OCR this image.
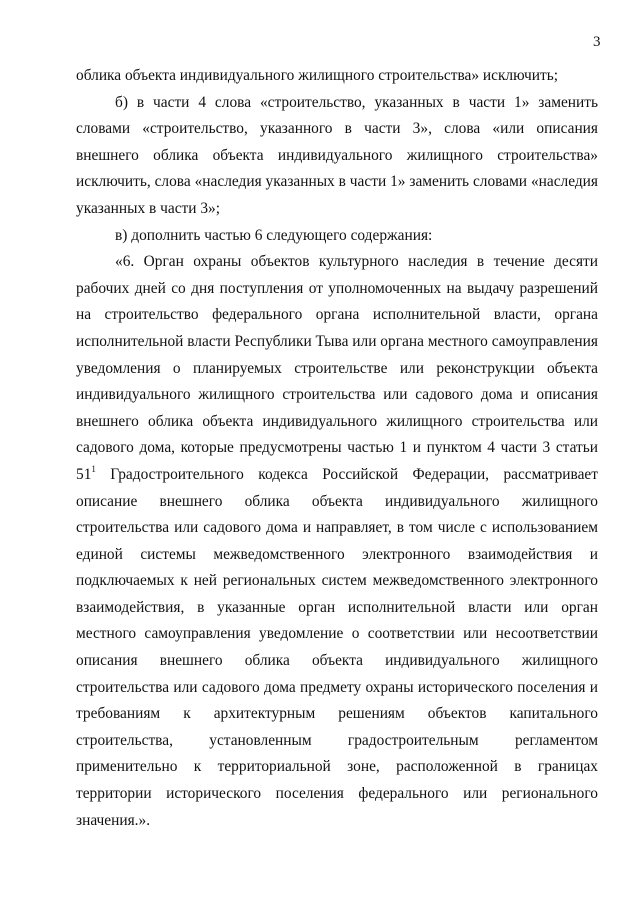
3

облика объекта индивидуального жилищного строительства» исключить;

б) в части 4 слова «строительство, указанных в части 1» заменить словами «строительство, указанного в части 3», слова «или описания внешнего облика объекта индивидуального жилищного строительства» исключить, слова «наследия указанных в части 1» заменить словами «наследия указанных в части 3»;

в) дополнить частью 6 следующего содержания:

«6. Орган охраны объектов культурного наследия в течение десяти рабочих дней со дня поступления от уполномоченных на выдачу разрешений на строительство федерального органа исполнительной власти, органа исполнительной власти Республики Тыва или органа местного самоуправления уведомления о планируемых строительстве или реконструкции объекта индивидуального жилищного строительства или садового дома и описания внешнего облика объекта индивидуального жилищного строительства или садового дома, которые предусмотрены частью 1 и пунктом 4 части 3 статьи $51^1$ Градостроительного кодекса Российской Федерации, рассматривает описание внешнего облика объекта индивидуального жилищного строительства или садового дома и направляет, в том числе с использованием единой системы межведомственного электронного взаимодействия и подключаемых к ней региональных систем межведомственного электронного взаимодействия, в указанные орган исполнительной власти или орган местного самоуправления уведомление о соответствии или несоответствии описания внешнего облика объекта индивидуального жилищного строительства или садового дома предмету охраны исторического поселения и требованиям к архитектурным решениям объектов капитального строительства, установленным градостроительным регламентом применительно к территориальной зоне, расположенной в границах территории исторического поселения федерального или регионального значения.».
